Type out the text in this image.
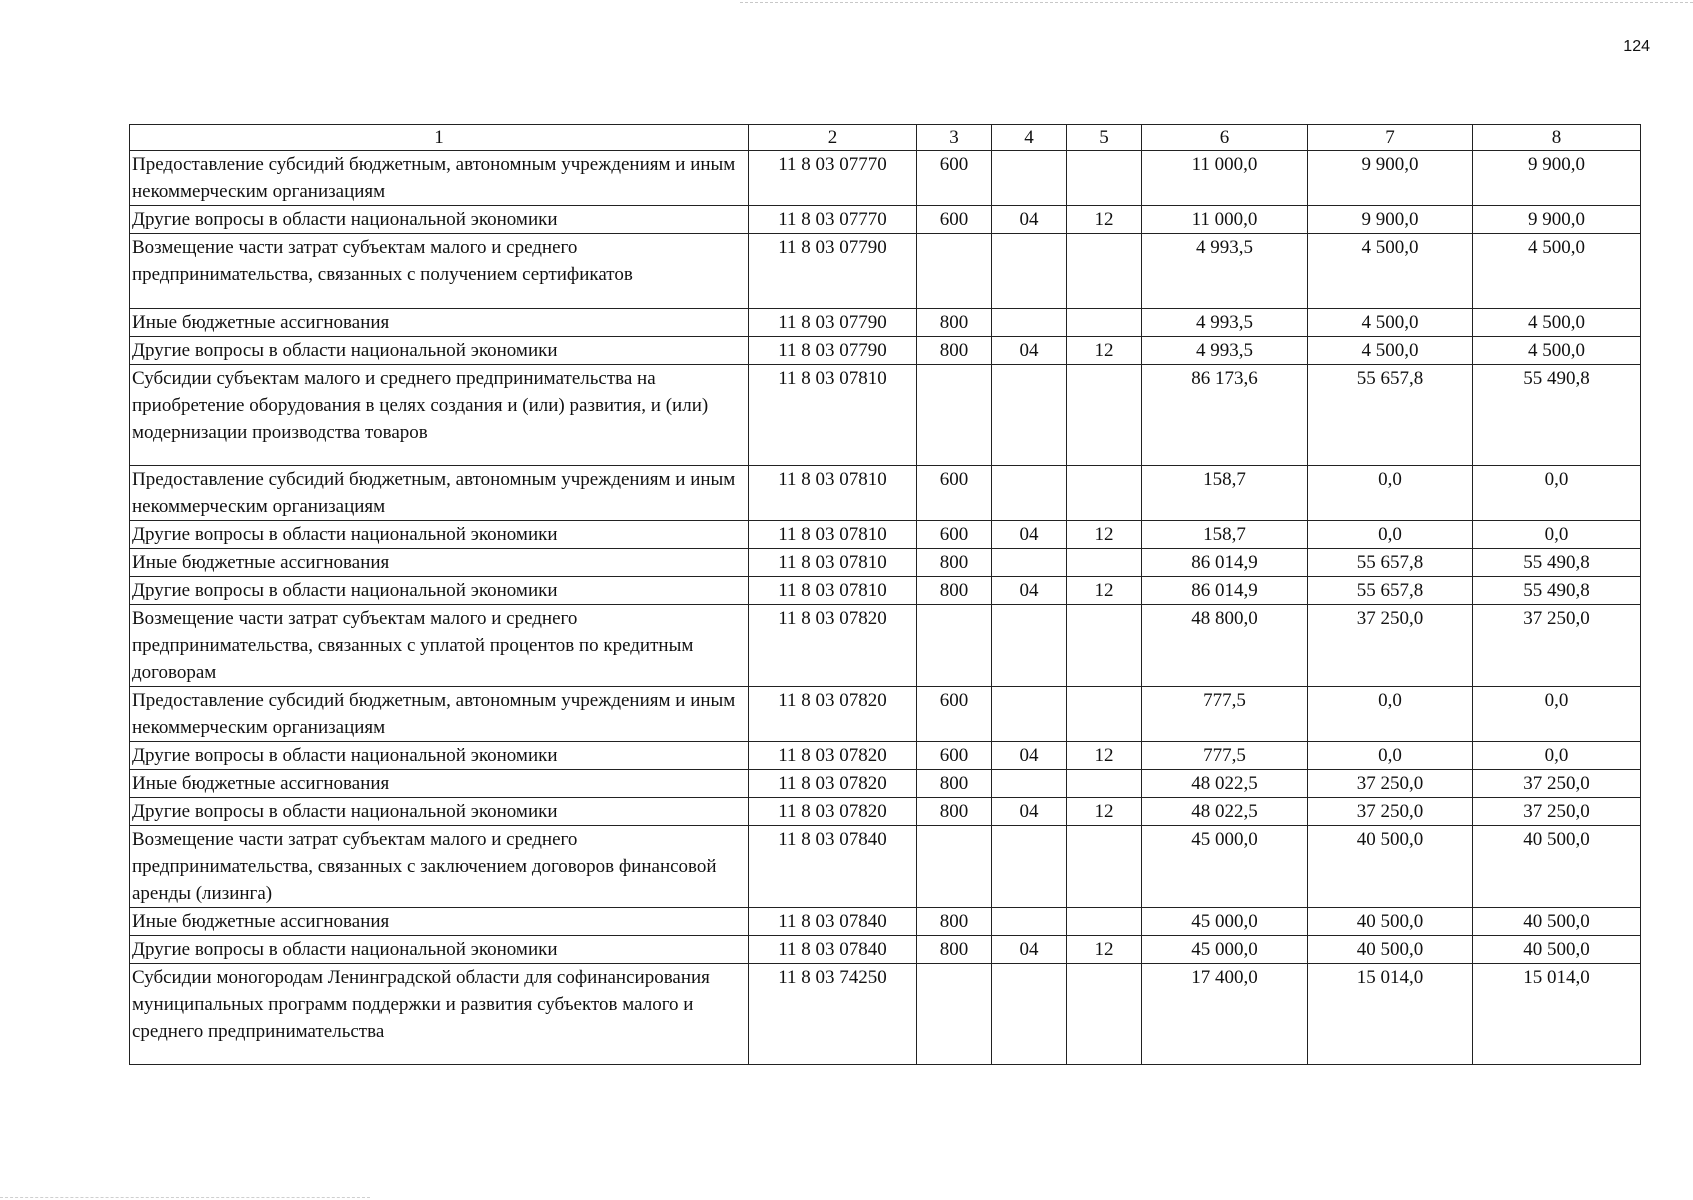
124
1	2	3	4	5	6	7	8
Предоставление субсидий бюджетным, автономным учреждениям и иным некоммерческим организациям	11 8 03 07770	600			11 000,0	9 900,0	9 900,0
Другие вопросы в области национальной экономики	11 8 03 07770	600	04	12	11 000,0	9 900,0	9 900,0
Возмещение части затрат субъектам малого и среднего предпринимательства, связанных с получением сертификатов	11 8 03 07790				4 993,5	4 500,0	4 500,0
Иные бюджетные ассигнования	11 8 03 07790	800			4 993,5	4 500,0	4 500,0
Другие вопросы в области национальной экономики	11 8 03 07790	800	04	12	4 993,5	4 500,0	4 500,0
Субсидии субъектам малого и среднего предпринимательства на приобретение оборудования в целях создания и (или) развития, и (или) модернизации производства товаров	11 8 03 07810				86 173,6	55 657,8	55 490,8
Предоставление субсидий бюджетным, автономным учреждениям и иным некоммерческим организациям	11 8 03 07810	600			158,7	0,0	0,0
Другие вопросы в области национальной экономики	11 8 03 07810	600	04	12	158,7	0,0	0,0
Иные бюджетные ассигнования	11 8 03 07810	800			86 014,9	55 657,8	55 490,8
Другие вопросы в области национальной экономики	11 8 03 07810	800	04	12	86 014,9	55 657,8	55 490,8
Возмещение части затрат субъектам малого и среднего предпринимательства, связанных с уплатой процентов по кредитным договорам	11 8 03 07820				48 800,0	37 250,0	37 250,0
Предоставление субсидий бюджетным, автономным учреждениям и иным некоммерческим организациям	11 8 03 07820	600			777,5	0,0	0,0
Другие вопросы в области национальной экономики	11 8 03 07820	600	04	12	777,5	0,0	0,0
Иные бюджетные ассигнования	11 8 03 07820	800			48 022,5	37 250,0	37 250,0
Другие вопросы в области национальной экономики	11 8 03 07820	800	04	12	48 022,5	37 250,0	37 250,0
Возмещение части затрат субъектам малого и среднего предпринимательства, связанных с заключением договоров финансовой аренды (лизинга)	11 8 03 07840				45 000,0	40 500,0	40 500,0
Иные бюджетные ассигнования	11 8 03 07840	800			45 000,0	40 500,0	40 500,0
Другие вопросы в области национальной экономики	11 8 03 07840	800	04	12	45 000,0	40 500,0	40 500,0
Субсидии моногородам Ленинградской области для софинансирования муниципальных программ поддержки и развития субъектов малого и среднего предпринимательства	11 8 03 74250				17 400,0	15 014,0	15 014,0
